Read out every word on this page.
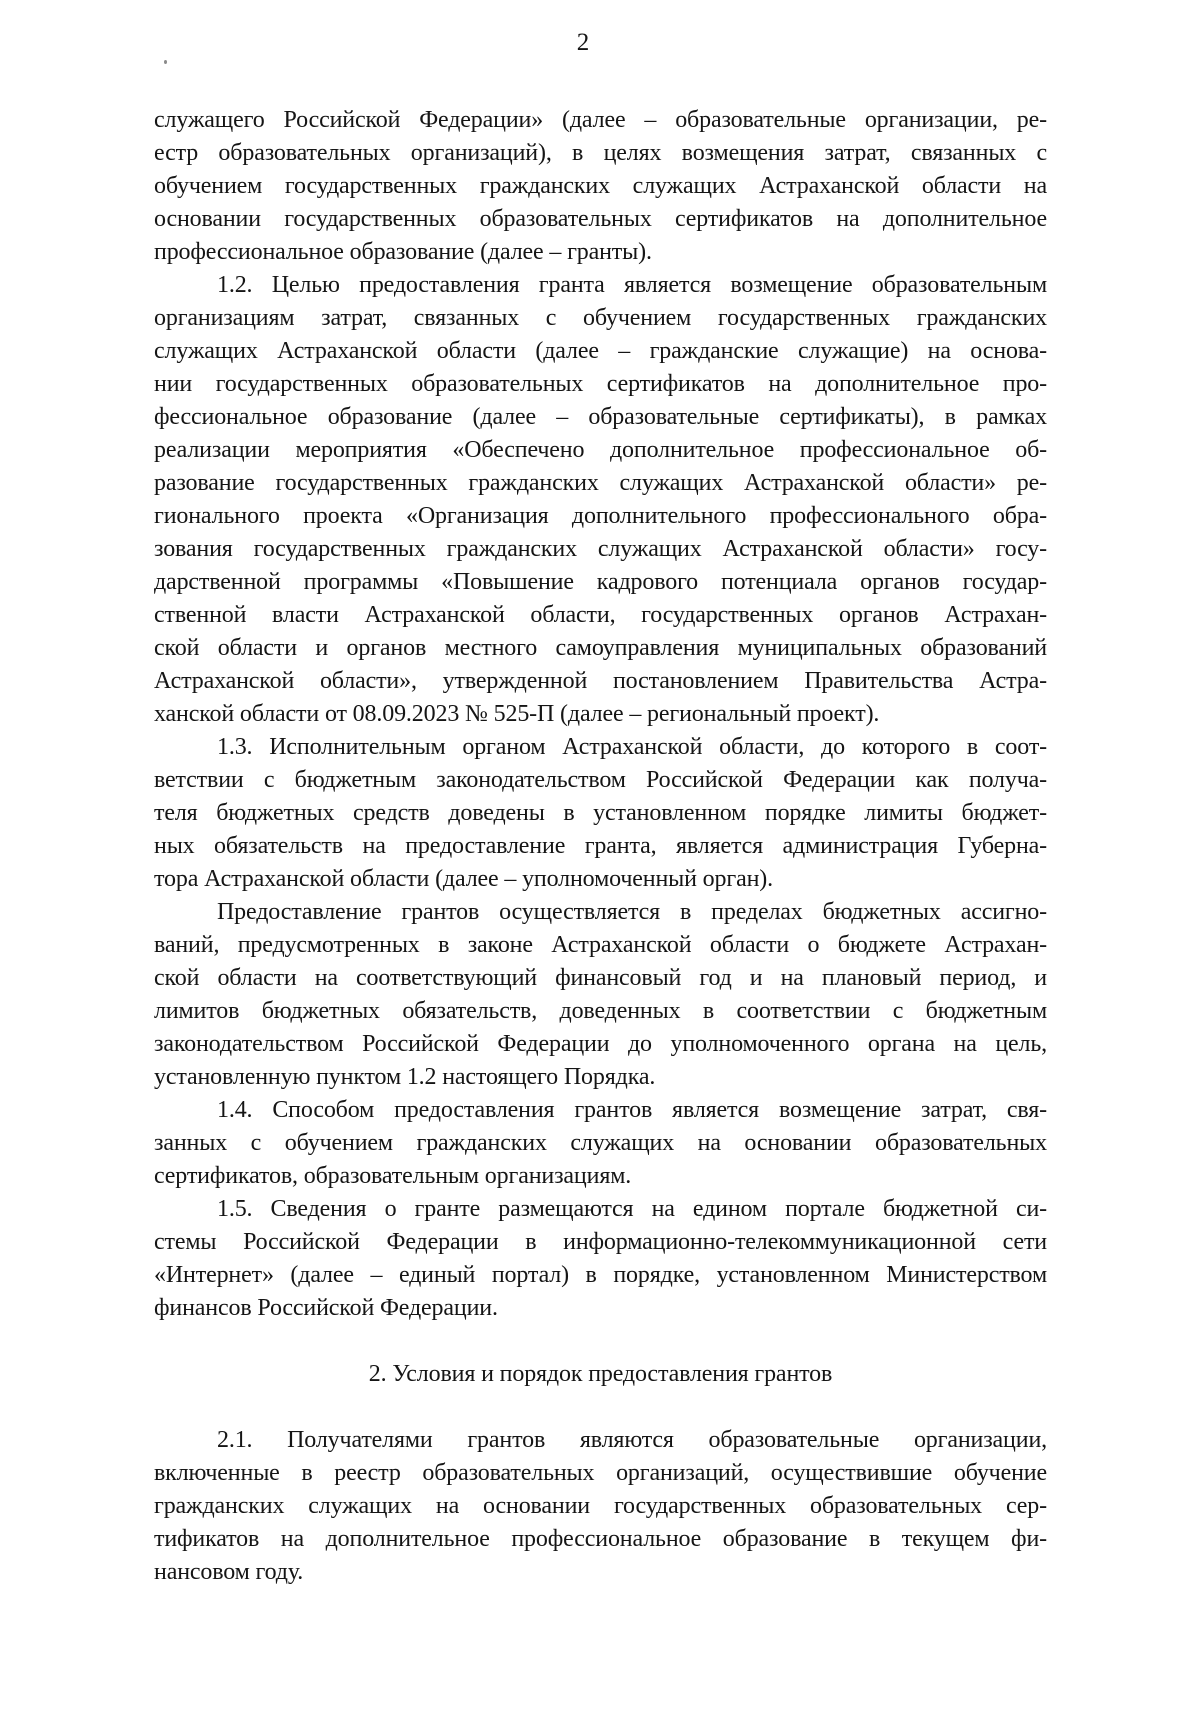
2
служащего Российской Федерации» (далее – образовательные организации, ре-
естр образовательных организаций), в целях возмещения затрат, связанных с
обучением государственных гражданских служащих Астраханской области на
основании государственных образовательных сертификатов на дополнительное
профессиональное образование (далее – гранты).
1.2. Целью предоставления гранта является возмещение образовательным
организациям затрат, связанных с обучением государственных гражданских
служащих Астраханской области (далее – гражданские служащие) на основа-
нии государственных образовательных сертификатов на дополнительное про-
фессиональное образование (далее – образовательные сертификаты), в рамках
реализации мероприятия «Обеспечено дополнительное профессиональное об-
разование государственных гражданских служащих Астраханской области» ре-
гионального проекта «Организация дополнительного профессионального обра-
зования государственных гражданских служащих Астраханской области» госу-
дарственной программы «Повышение кадрового потенциала органов государ-
ственной власти Астраханской области, государственных органов Астрахан-
ской области и органов местного самоуправления муниципальных образований
Астраханской области», утвержденной постановлением Правительства Астра-
ханской области от 08.09.2023 № 525-П (далее – региональный проект).
1.3. Исполнительным органом Астраханской области, до которого в соот-
ветствии с бюджетным законодательством Российской Федерации как получа-
теля бюджетных средств доведены в установленном порядке лимиты бюджет-
ных обязательств на предоставление гранта, является администрация Губерна-
тора Астраханской области (далее – уполномоченный орган).
Предоставление грантов осуществляется в пределах бюджетных ассигно-
ваний, предусмотренных в законе Астраханской области о бюджете Астрахан-
ской области на соответствующий финансовый год и на плановый период, и
лимитов бюджетных обязательств, доведенных в соответствии с бюджетным
законодательством Российской Федерации до уполномоченного органа на цель,
установленную пунктом 1.2 настоящего Порядка.
1.4. Способом предоставления грантов является возмещение затрат, свя-
занных с обучением гражданских служащих на основании образовательных
сертификатов, образовательным организациям.
1.5. Сведения о гранте размещаются на едином портале бюджетной си-
стемы Российской Федерации в информационно-телекоммуникационной сети
«Интернет» (далее – единый портал) в порядке, установленном Министерством
финансов Российской Федерации.
2. Условия и порядок предоставления грантов
2.1. Получателями грантов являются образовательные организации,
включенные в реестр образовательных организаций, осуществившие обучение
гражданских служащих на основании государственных образовательных сер-
тификатов на дополнительное профессиональное образование в текущем фи-
нансовом году.
